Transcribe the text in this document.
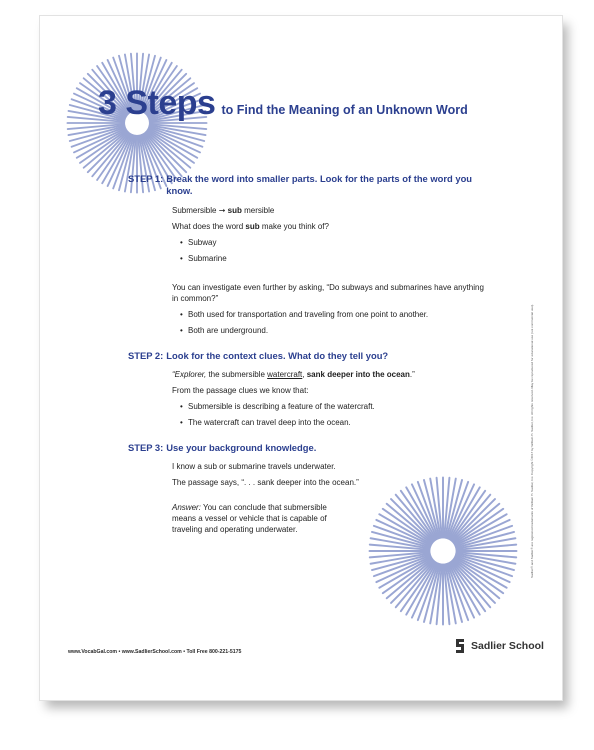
3 Steps to Find the Meaning of an Unknown Word
STEP 1: Break the word into smaller parts. Look for the parts of the word you know.

Submersible ➞ sub mersible

What does the word sub make you think of?

• Subway

• Submarine

You can investigate even further by asking, “Do subways and submarines have anything in common?”

• Both used for transportation and traveling from one point to another.

• Both are underground.

STEP 2: Look for the context clues. What do they tell you?

“Explorer, the submersible watercraft, sank deeper into the ocean.”

From the passage clues we know that:

• Submersible is describing a feature of the watercraft.

• The watercraft can travel deep into the ocean.

STEP 3: Use your background knowledge.

I know a sub or submarine travels underwater.

The passage says, “. . . sank deeper into the ocean.”

Answer: You can conclude that submersible means a vessel or vehicle that is capable of traveling and operating underwater.	Sadlier® and Sadlier® are registered trademarks of William H. Sadlier, Inc. Copyright ©2017 by William H. Sadlier, Inc. All rights reserved. May be reproduced for educational use (not commercial use).
www.VocabGal.com • www.SadlierSchool.com • Toll Free 800-221-5175	Sadlier School
